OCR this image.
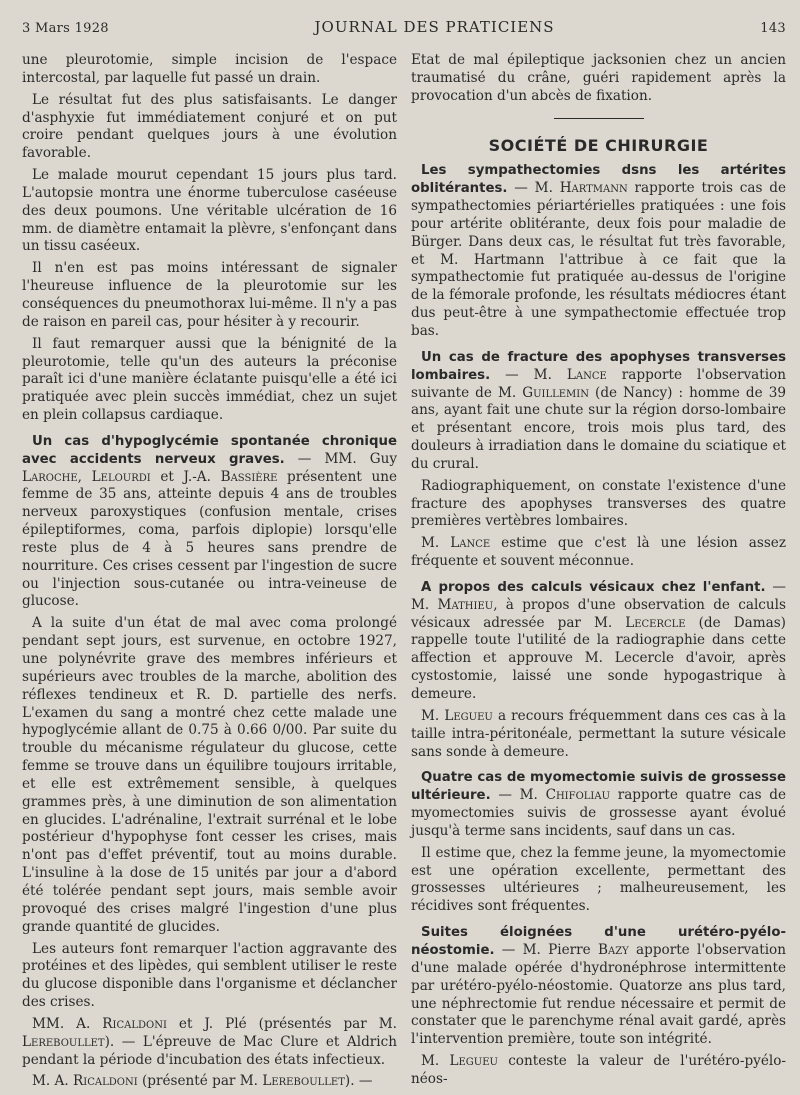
3 Mars 1928	JOURNAL DES PRATICIENS	143

une pleurotomie, simple incision de l'espace intercostal, par laquelle fut passé un drain.

Le résultat fut des plus satisfaisants. Le danger d'asphyxie fut immédiatement conjuré et on put croire pendant quelques jours à une évolution favorable.

Le malade mourut cependant 15 jours plus tard. L'autopsie montra une énorme tuberculose caséeuse des deux poumons. Une véritable ulcération de 16 mm. de diamètre entamait la plèvre, s'enfonçant dans un tissu caséeux.

Il n'en est pas moins intéressant de signaler l'heureuse influence de la pleurotomie sur les conséquences du pneumothorax lui-même. Il n'y a pas de raison en pareil cas, pour hésiter à y recourir.

Il faut remarquer aussi que la bénignité de la pleurotomie, telle qu'un des auteurs la préconise paraît ici d'une manière éclatante puisqu'elle a été ici pratiquée avec plein succès immédiat, chez un sujet en plein collapsus cardiaque.

Un cas d'hypoglycémie spontanée chronique avec accidents nerveux graves. — MM. Guy Laroche, Lelourdi et J.-A. Bassière présentent une femme de 35 ans, atteinte depuis 4 ans de troubles nerveux paroxystiques (confusion mentale, crises épileptiformes, coma, parfois diplopie) lorsqu'elle reste plus de 4 à 5 heures sans prendre de nourriture. Ces crises cessent par l'ingestion de sucre ou l'injection sous-cutanée ou intra-veineuse de glucose.

A la suite d'un état de mal avec coma prolongé pendant sept jours, est survenue, en octobre 1927, une polynévrite grave des membres inférieurs et supérieurs avec troubles de la marche, abolition des réflexes tendineux et R. D. partielle des nerfs. L'examen du sang a montré chez cette malade une hypoglycémie allant de 0.75 à 0.66 0/00. Par suite du trouble du mécanisme régulateur du glucose, cette femme se trouve dans un équilibre toujours irritable, et elle est extrêmement sensible, à quelques grammes près, à une diminution de son alimentation en glucides. L'adrénaline, l'extrait surrénal et le lobe postérieur d'hypophyse font cesser les crises, mais n'ont pas d'effet préventif, tout au moins durable. L'insuline à la dose de 15 unités par jour a d'abord été tolérée pendant sept jours, mais semble avoir provoqué des crises malgré l'ingestion d'une plus grande quantité de glucides.

Les auteurs font remarquer l'action aggravante des protéines et des lipèdes, qui semblent utiliser le reste du glucose disponible dans l'organisme et déclancher des crises.

MM. A. Ricaldoni et J. Plé (présentés par M. Lereboullet). — L'épreuve de Mac Clure et Aldrich pendant la période d'incubation des états infectieux.

M. A. Ricaldoni (présenté par M. Lereboullet). —

Etat de mal épileptique jacksonien chez un ancien traumatisé du crâne, guéri rapidement après la provocation d'un abcès de fixation.

SOCIÉTÉ DE CHIRURGIE

Les sympathectomies dsns les artérites oblitérantes. — M. Hartmann rapporte trois cas de sympathectomies périartérielles pratiquées : une fois pour artérite oblitérante, deux fois pour maladie de Bürger. Dans deux cas, le résultat fut très favorable, et M. Hartmann l'attribue à ce fait que la sympathectomie fut pratiquée au-dessus de l'origine de la fémorale profonde, les résultats médiocres étant dus peut-être à une sympathectomie effectuée trop bas.

Un cas de fracture des apophyses transverses lombaires. — M. Lance rapporte l'observation suivante de M. Guillemin (de Nancy) : homme de 39 ans, ayant fait une chute sur la région dorso-lombaire et présentant encore, trois mois plus tard, des douleurs à irradiation dans le domaine du sciatique et du crural.

Radiographiquement, on constate l'existence d'une fracture des apophyses transverses des quatre premières vertèbres lombaires.

M. Lance estime que c'est là une lésion assez fréquente et souvent méconnue.

A propos des calculs vésicaux chez l'enfant. — M. Mathieu, à propos d'une observation de calculs vésicaux adressée par M. Lecercle (de Damas) rappelle toute l'utilité de la radiographie dans cette affection et approuve M. Lecercle d'avoir, après cystostomie, laissé une sonde hypogastrique à demeure.

M. Legueu a recours fréquemment dans ces cas à la taille intra-péritonéale, permettant la suture vésicale sans sonde à demeure.

Quatre cas de myomectomie suivis de grossesse ultérieure. — M. Chifoliau rapporte quatre cas de myomectomies suivis de grossesse ayant évolué jusqu'à terme sans incidents, sauf dans un cas.

Il estime que, chez la femme jeune, la myomectomie est une opération excellente, permettant des grossesses ultérieures ; malheureusement, les récidives sont fréquentes.

Suites éloignées d'une urétéro-pyélo-néostomie. — M. Pierre Bazy apporte l'observation d'une malade opérée d'hydronéphrose intermittente par urétéro-pyélo-néostomie. Quatorze ans plus tard, une néphrectomie fut rendue nécessaire et permit de constater que le parenchyme rénal avait gardé, après l'intervention première, toute son intégrité.

M. Legueu conteste la valeur de l'urétéro-pyélo-néos-
